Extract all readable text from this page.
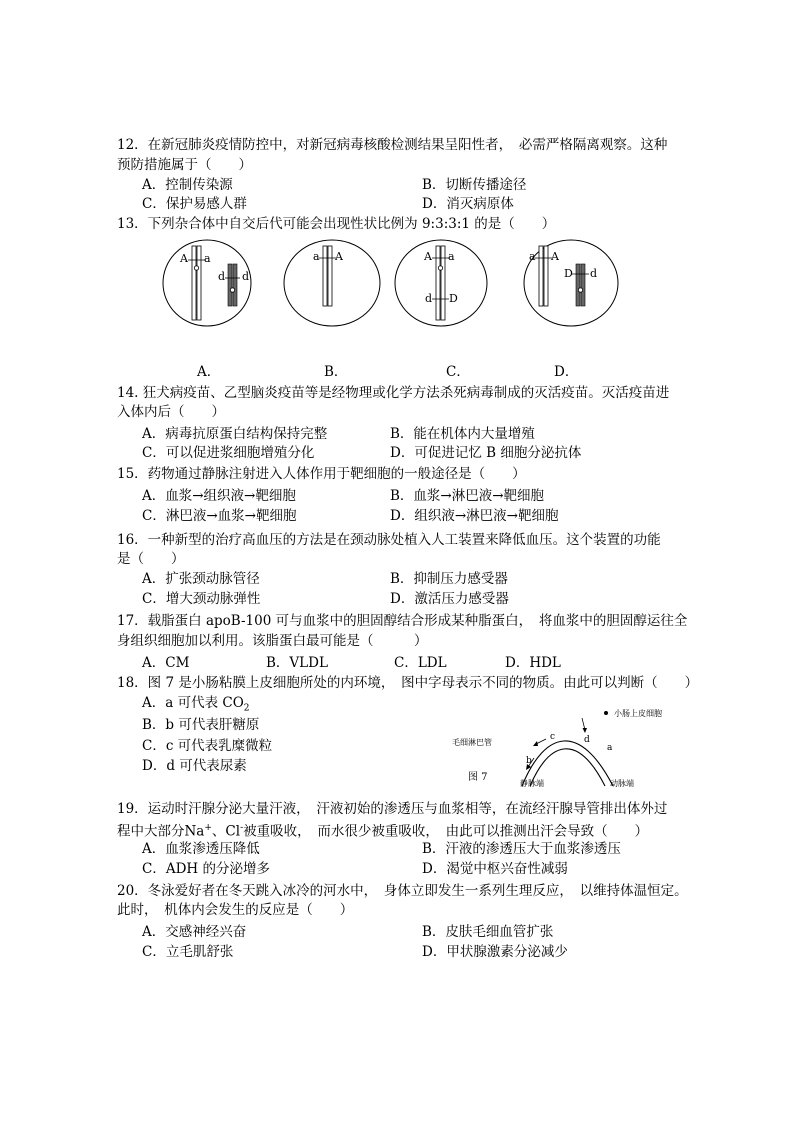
12．在新冠肺炎疫情防控中，对新冠病毒核酸检测结果呈阳性者，　必需严格隔离观察。这种
预防措施属于（　　）
A．控制传染源	B．切断传播途径
C．保护易感人群	D．消灭病原体
13．下列杂合体中自交后代可能会出现性状比例为 9:3:3:1 的是（　　）
A a
d d
a A	A a
d D
a A
D d
A．	B．	C．	D．
14. 狂犬病疫苗、乙型脑炎疫苗等是经物理或化学方法杀死病毒制成的灭活疫苗。灭活疫苗进
入体内后（　　）
A．病毒抗原蛋白结构保持完整	B．能在机体内大量增殖
C．可以促进浆细胞增殖分化	D．可促进记忆 B 细胞分泌抗体
15．药物通过静脉注射进入人体作用于靶细胞的一般途径是（　　）
A．血浆→组织液→靶细胞	B．血浆→淋巴液→靶细胞
C．淋巴液→血浆→靶细胞	D．组织液→淋巴液→靶细胞
16．一种新型的治疗高血压的方法是在颈动脉处植入人工装置来降低血压。这个装置的功能
是（　　）
A．扩张颈动脉管径	B．抑制压力感受器
C．增大颈动脉弹性	D．激活压力感受器
17．载脂蛋白 apoB-100 可与血浆中的胆固醇结合形成某种脂蛋白，　将血浆中的胆固醇运往全
身组织细胞加以利用。该脂蛋白最可能是（　　　）
A．CM	B．VLDL	C．LDL	D．HDL
18．图 7 是小肠粘膜上皮细胞所处的内环境，　图中字母表示不同的物质。由此可以判断（　　）
A．a 可代表 $CO_2$
B．b 可代表肝糖原
C．c 可代表乳糜微粒
D．d 可代表尿素
小肠上皮细胞
毛细淋巴管
c	d
b
a
图 7
静脉端	动脉端
19．运动时汗腺分泌大量汗液，　汗液初始的渗透压与血浆相等，在流经汗腺导管排出体外过
程中大部分Na+、Cl-被重吸收，　而水很少被重吸收，　由此可以推测出汗会导致（　　）
A．血浆渗透压降低	B．汗液的渗透压大于血浆渗透压
C．ADH 的分泌增多	D．渴觉中枢兴奋性减弱
20．冬泳爱好者在冬天跳入冰冷的河水中，　身体立即发生一系列生理反应，　以维持体温恒定。
此时，　机体内会发生的反应是（　　）
A．交感神经兴奋	B．皮肤毛细血管扩张
C．立毛肌舒张	D．甲状腺激素分泌减少
